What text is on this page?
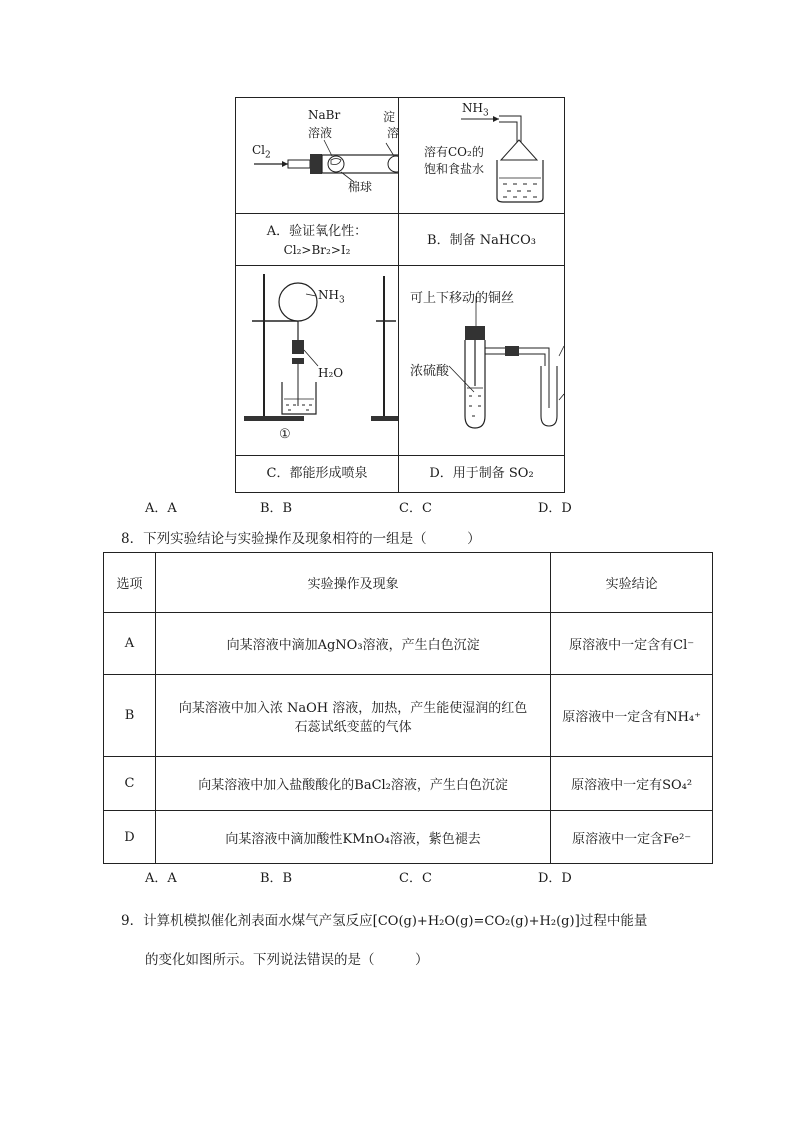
$Cl_2$
NaBr
溶液
淀
溶
棉球
$NH_3$
溶有CO₂的
饱和食盐水
A．验证氧化性：
Cl₂>Br₂>I₂
B．制备 NaHCO₃
$NH_3$
H₂O
①
可上下移动的铜丝
浓硫酸
C．都能形成喷泉	D．用于制备 SO₂
A．A	B．B	C．C	D．D
8．下列实验结论与实验操作及现象相符的一组是（　　　）
选项	实验操作及现象	实验结论
A	向某溶液中滴加AgNO₃溶液，产生白色沉淀	原溶液中一定含有Cl⁻
B	向某溶液中加入浓 NaOH 溶液，加热，产生能使湿润的红色
石蕊试纸变蓝的气体	原溶液中一定含有NH₄⁺
C	向某溶液中加入盐酸酸化的BaCl₂溶液，产生白色沉淀	原溶液中一定有SO₄²
D	向某溶液中滴加酸性KMnO₄溶液，紫色褪去	原溶液中一定含Fe²⁻
A．A	B．B	C．C	D．D
9．计算机模拟催化剂表面水煤气产氢反应[CO(g)+H₂O(g)=CO₂(g)+H₂(g)]过程中能量
的变化如图所示。下列说法错误的是（　　　）
